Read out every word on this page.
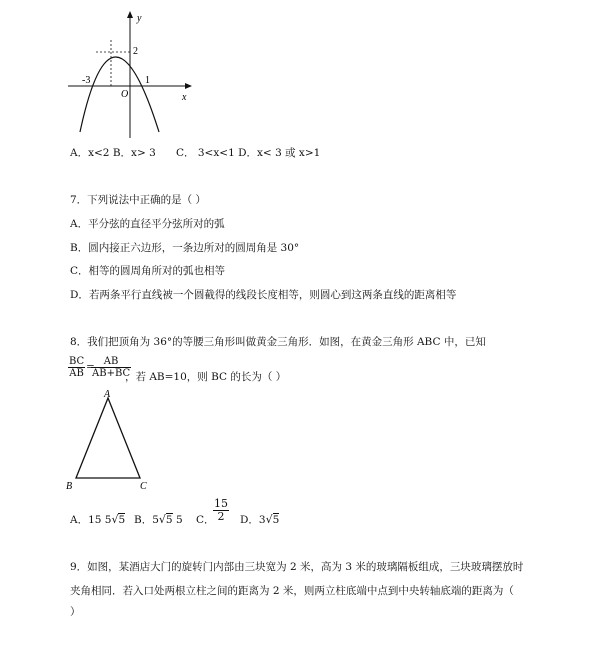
y
x
O
2
-3	1
A．x<2 B．x> 3 C． 3<x<1 D．x< 3 或 x>1
7．下列说法中正确的是（ ）
A．平分弦的直径平分弦所对的弧
B．圆内接正六边形，一条边所对的圆周角是 30°
C．相等的圆周角所对的弧也相等
D．若两条平行直线被一个圆截得的线段长度相等，则圆心到这两条直线的距离相等
8．我们把顶角为 36°的等腰三角形叫做黄金三角形．如图，在黄金三角形 ABC 中，已知
$\frac{BC}{AB}$ =
$\frac{AB}{AB+BC}$
，若 AB=10，则 BC 的长为（ ）
A
B	C
A．15 5√5 B．5√5 5 C．
$\frac{15}{2}$ D．3√5
9．如图，某酒店大门的旋转门内部由三块宽为 2 米，高为 3 米的玻璃隔板组成，三块玻璃摆放时
夹角相同．若入口处两根立柱之间的距离为 2 米，则两立柱底端中点到中央转轴底端的距离为（
）
